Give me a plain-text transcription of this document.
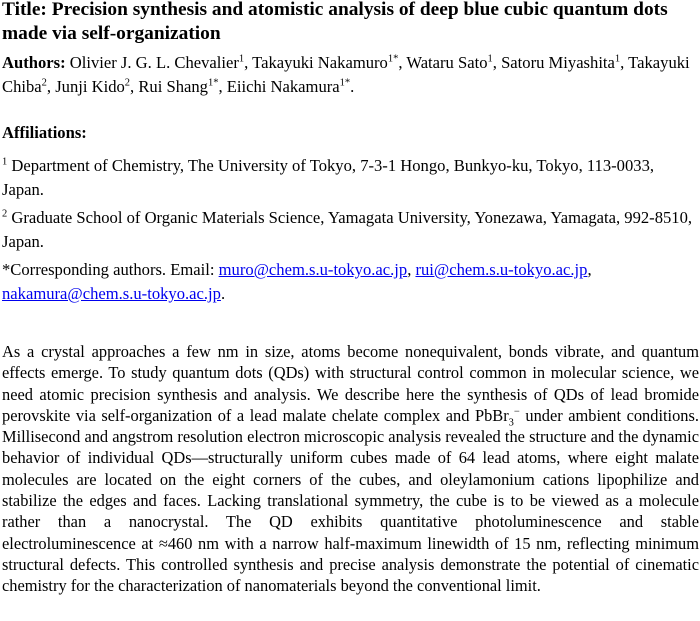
Title: Precision synthesis and atomistic analysis of deep blue cubic quantum dots made via self-organization

Authors: Olivier J. G. L. Chevalier$^1$, Takayuki Nakamuro$^{1*}$, Wataru Sato$^1$, Satoru Miyashita$^1$, Takayuki Chiba$^2$, Junji Kido$^2$, Rui Shang$^{1*}$, Eiichi Nakamura$^{1*}$.

Affiliations:

$^1$ Department of Chemistry, The University of Tokyo, 7-3-1 Hongo, Bunkyo-ku, Tokyo, 113-0033, Japan.

$^2$ Graduate School of Organic Materials Science, Yamagata University, Yonezawa, Yamagata, 992-8510, Japan.

*Corresponding authors. Email: muro@chem.s.u-tokyo.ac.jp, rui@chem.s.u-tokyo.ac.jp, nakamura@chem.s.u-tokyo.ac.jp.

As a crystal approaches a few nm in size, atoms become nonequivalent, bonds vibrate, and quantum effects emerge. To study quantum dots (QDs) with structural control common in molecular science, we need atomic precision synthesis and analysis. We describe here the synthesis of QDs of lead bromide perovskite via self-organization of a lead malate chelate complex and PbBr$_3$− under ambient conditions. Millisecond and angstrom resolution electron microscopic analysis revealed the structure and the dynamic behavior of individual QDs—structurally uniform cubes made of 64 lead atoms, where eight malate molecules are located on the eight corners of the cubes, and oleylamonium cations lipophilize and stabilize the edges and faces. Lacking translational symmetry, the cube is to be viewed as a molecule rather than a nanocrystal. The QD exhibits quantitative photoluminescence and stable electroluminescence at ≈460 nm with a narrow half-maximum linewidth of 15 nm, reflecting minimum structural defects. This controlled synthesis and precise analysis demonstrate the potential of cinematic chemistry for the characterization of nanomaterials beyond the conventional limit.
